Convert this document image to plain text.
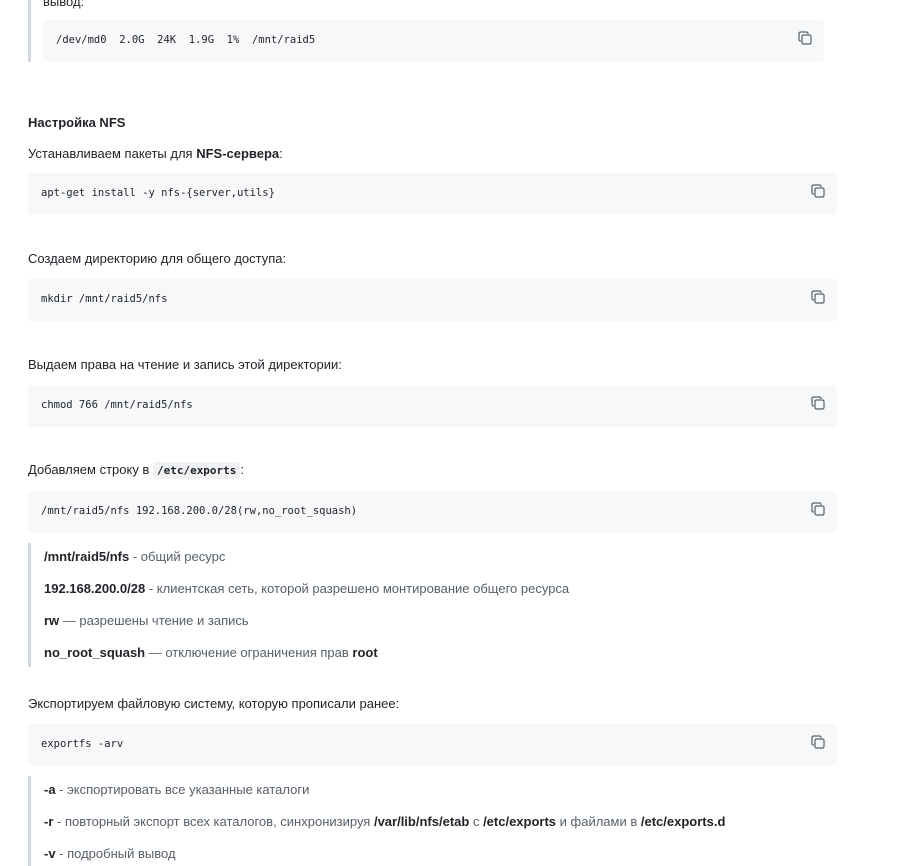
вывод:
/dev/md0  2.0G  24K  1.9G  1%  /mnt/raid5
Настройка NFS
Устанавливаем пакеты для NFS-сервера:
apt-get install -y nfs-{server,utils}
Создаем директорию для общего доступа:
mkdir /mnt/raid5/nfs
Выдаем права на чтение и запись этой директории:
chmod 766 /mnt/raid5/nfs
Добавляем строку в /etc/exports :
/mnt/raid5/nfs 192.168.200.0/28(rw,no_root_squash)
/mnt/raid5/nfs - общий ресурс
192.168.200.0/28 - клиентская сеть, которой разрешено монтирование общего ресурса
rw — разрешены чтение и запись
no_root_squash — отключение ограничения прав root
Экспортируем файловую систему, которую прописали ранее:
exportfs -arv
-a - экспортировать все указанные каталоги
-r - повторный экспорт всех каталогов, синхронизируя /var/lib/nfs/etab с /etc/exports и файлами в /etc/exports.d
-v - подробный вывод
